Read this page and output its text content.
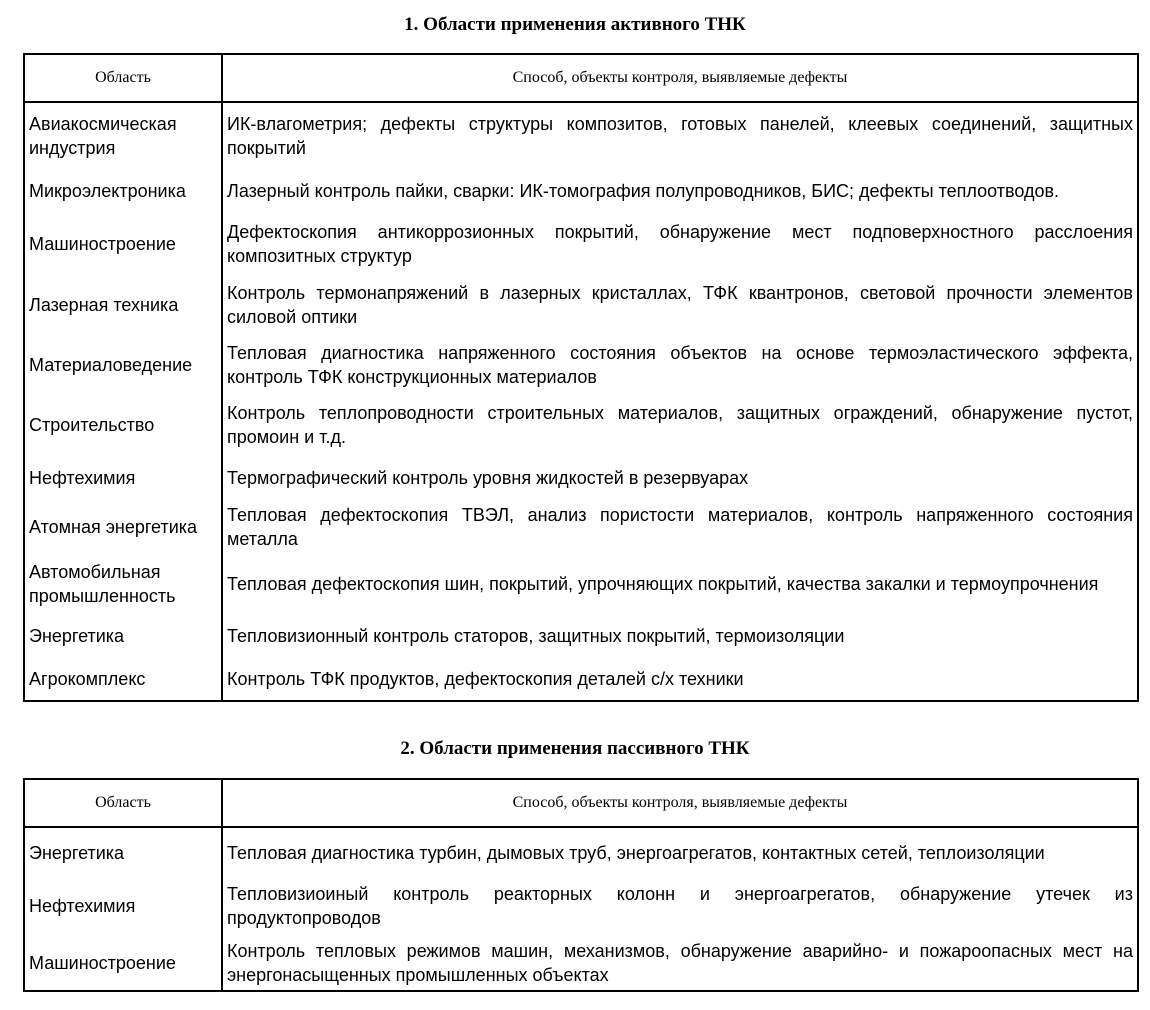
1. Области применения активного ТНК
Область	Способ, объекты контроля, выявляемые дефекты
Авиакосмическая индустрия	ИК-влагометрия; дефекты структуры композитов, готовых панелей, клеевых соединений, защитных покрытий
Микроэлектроника	Лазерный контроль пайки, сварки: ИК-томография полупроводников, БИС; дефекты теплоотводов.
Машиностроение	Дефектоскопия антикоррозионных покрытий, обнаружение мест подповерхностного расслоения композитных структур
Лазерная техника	Контроль термонапряжений в лазерных кристаллах, ТФК квантронов, световой прочности элементов силовой оптики
Материаловедение	Тепловая диагностика напряженного состояния объектов на основе термоэластического эффекта, контроль ТФК конструкционных материалов
Строительство	Контроль теплопроводности строительных материалов, защитных ограждений, обнаружение пустот, промоин и т.д.
Нефтехимия	Термографический контроль уровня жидкостей в резервуарах
Атомная энергетика	Тепловая дефектоскопия ТВЭЛ, анализ пористости материалов, контроль напряженного состояния металла
Автомобильная промышленность	Тепловая дефектоскопия шин, покрытий, упрочняющих покрытий, качества закалки и термоупрочнения
Энергетика	Тепловизионный контроль статоров, защитных покрытий, термоизоляции
Агрокомплекс	Контроль ТФК продуктов, дефектоскопия деталей с/х техники
2. Области применения пассивного ТНК
Область	Способ, объекты контроля, выявляемые дефекты
Энергетика	Тепловая диагностика турбин, дымовых труб, энергоагрегатов, контактных сетей, теплоизоляции
Нефтехимия	Тепловизиоиный контроль реакторных колонн и энергоагрегатов, обнаружение утечек из продуктопроводов
Машиностроение	Контроль тепловых режимов машин, механизмов, обнаружение аварийно- и пожароопасных мест на энергонасыщенных промышленных объектах
